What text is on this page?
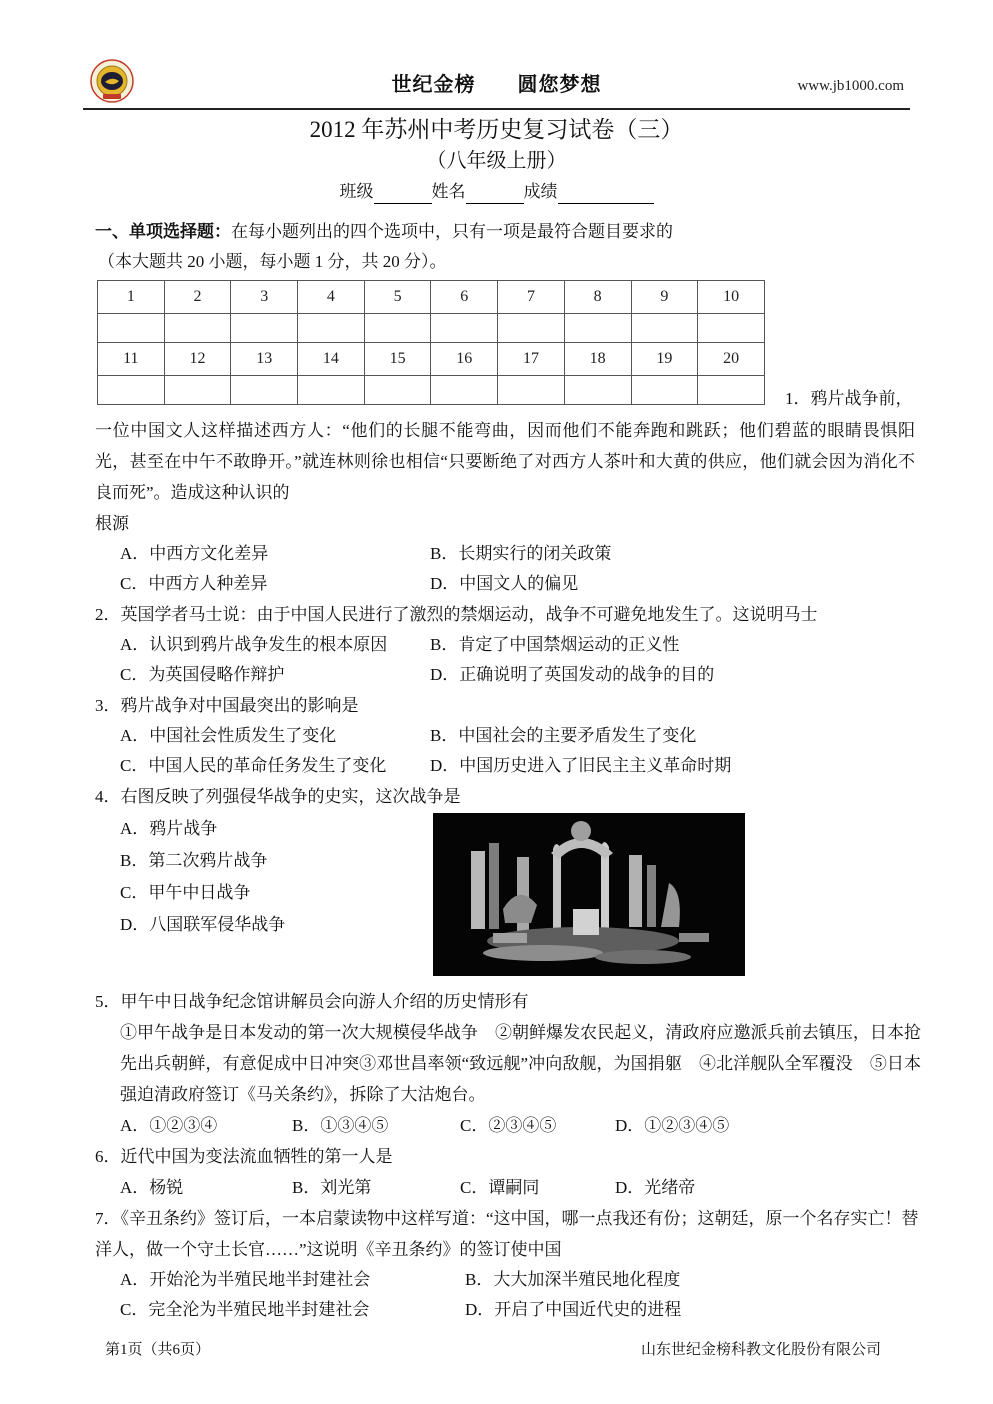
世纪金榜 圆您梦想	www.jb1000.com
2012 年苏州中考历史复习试卷（三）
（八年级上册）
班级	姓名	成绩

一、单项选择题：在每小题列出的四个选项中，只有一项是最符合题目要求的

（本大题共 20 小题，每小题 1 分，共 20 分）。

1	2	3	4	5	6	7	8	9	10

11	12	13	14	15	16	17	18	19	20

1．鸦片战争前，

一位中国文人这样描述西方人：“他们的长腿不能弯曲，因而他们不能奔跑和跳跃；他们碧蓝的眼睛畏惧阳光，甚至在中午不敢睁开。”就连林则徐也相信“只要断绝了对西方人茶叶和大黄的供应，他们就会因为消化不良而死”。造成这种认识的

根源

A．中西方文化差异	B．长期实行的闭关政策
C．中西方人种差异	D．中国文人的偏见

2．英国学者马士说：由于中国人民进行了激烈的禁烟运动，战争不可避免地发生了。这说明马士

A．认识到鸦片战争发生的根本原因	B．肯定了中国禁烟运动的正义性
C．为英国侵略作辩护	D．正确说明了英国发动的战争的目的

3．鸦片战争对中国最突出的影响是

A．中国社会性质发生了变化	B．中国社会的主要矛盾发生了变化
C．中国人民的革命任务发生了变化	D．中国历史进入了旧民主主义革命时期

4．右图反映了列强侵华战争的史实，这次战争是

A．鸦片战争
B．第二次鸦片战争
C．甲午中日战争
D．八国联军侵华战争

5．甲午中日战争纪念馆讲解员会向游人介绍的历史情形有

①甲午战争是日本发动的第一次大规模侵华战争　②朝鲜爆发农民起义，清政府应邀派兵前去镇压，日本抢先出兵朝鲜，有意促成中日冲突③邓世昌率领“致远舰”冲向敌舰，为国捐躯　④北洋舰队全军覆没　⑤日本强迫清政府签订《马关条约》，拆除了大沽炮台。

A．①②③④	B．①③④⑤	C．②③④⑤	D．①②③④⑤

6．近代中国为变法流血牺牲的第一人是

A．杨锐	B．刘光第	C．谭嗣同	D．光绪帝

7．《辛丑条约》签订后，一本启蒙读物中这样写道：“这中国，哪一点我还有份；这朝廷，原一个名存实亡！替洋人，做一个守土长官……”这说明《辛丑条约》的签订使中国

A．开始沦为半殖民地半封建社会	B．大大加深半殖民地化程度
C．完全沦为半殖民地半封建社会	D．开启了中国近代史的进程
第1页（共6页）	山东世纪金榜科教文化股份有限公司
